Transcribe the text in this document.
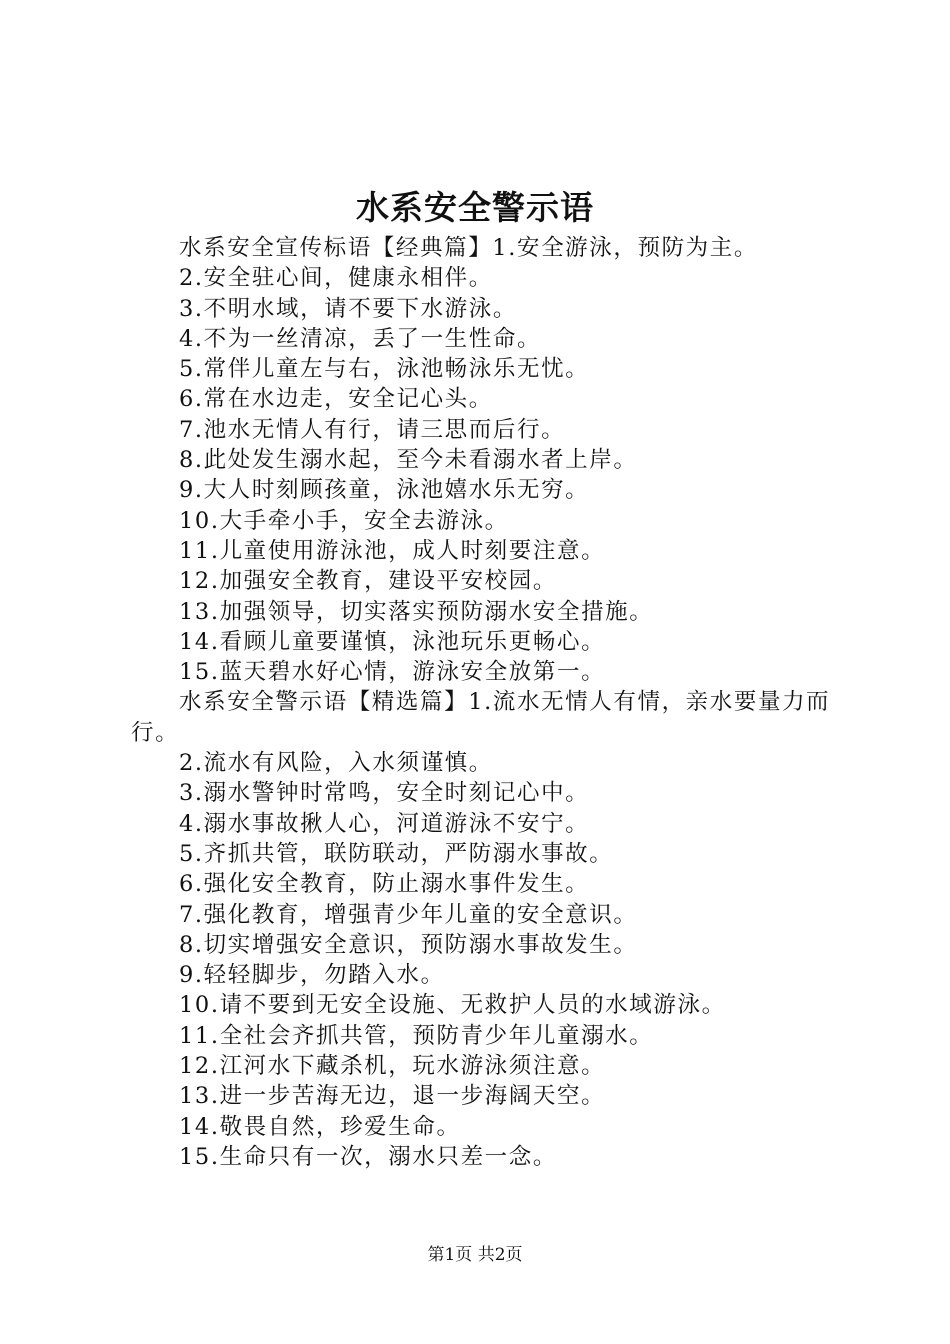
水系安全警示语

水系安全宣传标语【经典篇】1.安全游泳，预防为主。

2.安全驻心间，健康永相伴。

3.不明水域，请不要下水游泳。

4.不为一丝清凉，丢了一生性命。

5.常伴儿童左与右，泳池畅泳乐无忧。

6.常在水边走，安全记心头。

7.池水无情人有行，请三思而后行。

8.此处发生溺水起，至今未看溺水者上岸。

9.大人时刻顾孩童，泳池嬉水乐无穷。

10.大手牵小手，安全去游泳。

11.儿童使用游泳池，成人时刻要注意。

12.加强安全教育，建设平安校园。

13.加强领导，切实落实预防溺水安全措施。

14.看顾儿童要谨慎，泳池玩乐更畅心。

15.蓝天碧水好心情，游泳安全放第一。

水系安全警示语【精选篇】1.流水无情人有情，亲水要量力而行。

2.流水有风险，入水须谨慎。

3.溺水警钟时常鸣，安全时刻记心中。

4.溺水事故揪人心，河道游泳不安宁。

5.齐抓共管，联防联动，严防溺水事故。

6.强化安全教育，防止溺水事件发生。

7.强化教育，增强青少年儿童的安全意识。

8.切实增强安全意识，预防溺水事故发生。

9.轻轻脚步，勿踏入水。

10.请不要到无安全设施、无救护人员的水域游泳。

11.全社会齐抓共管，预防青少年儿童溺水。

12.江河水下藏杀机，玩水游泳须注意。

13.进一步苦海无边，退一步海阔天空。

14.敬畏自然，珍爱生命。

15.生命只有一次，溺水只差一念。

第1页 共2页
